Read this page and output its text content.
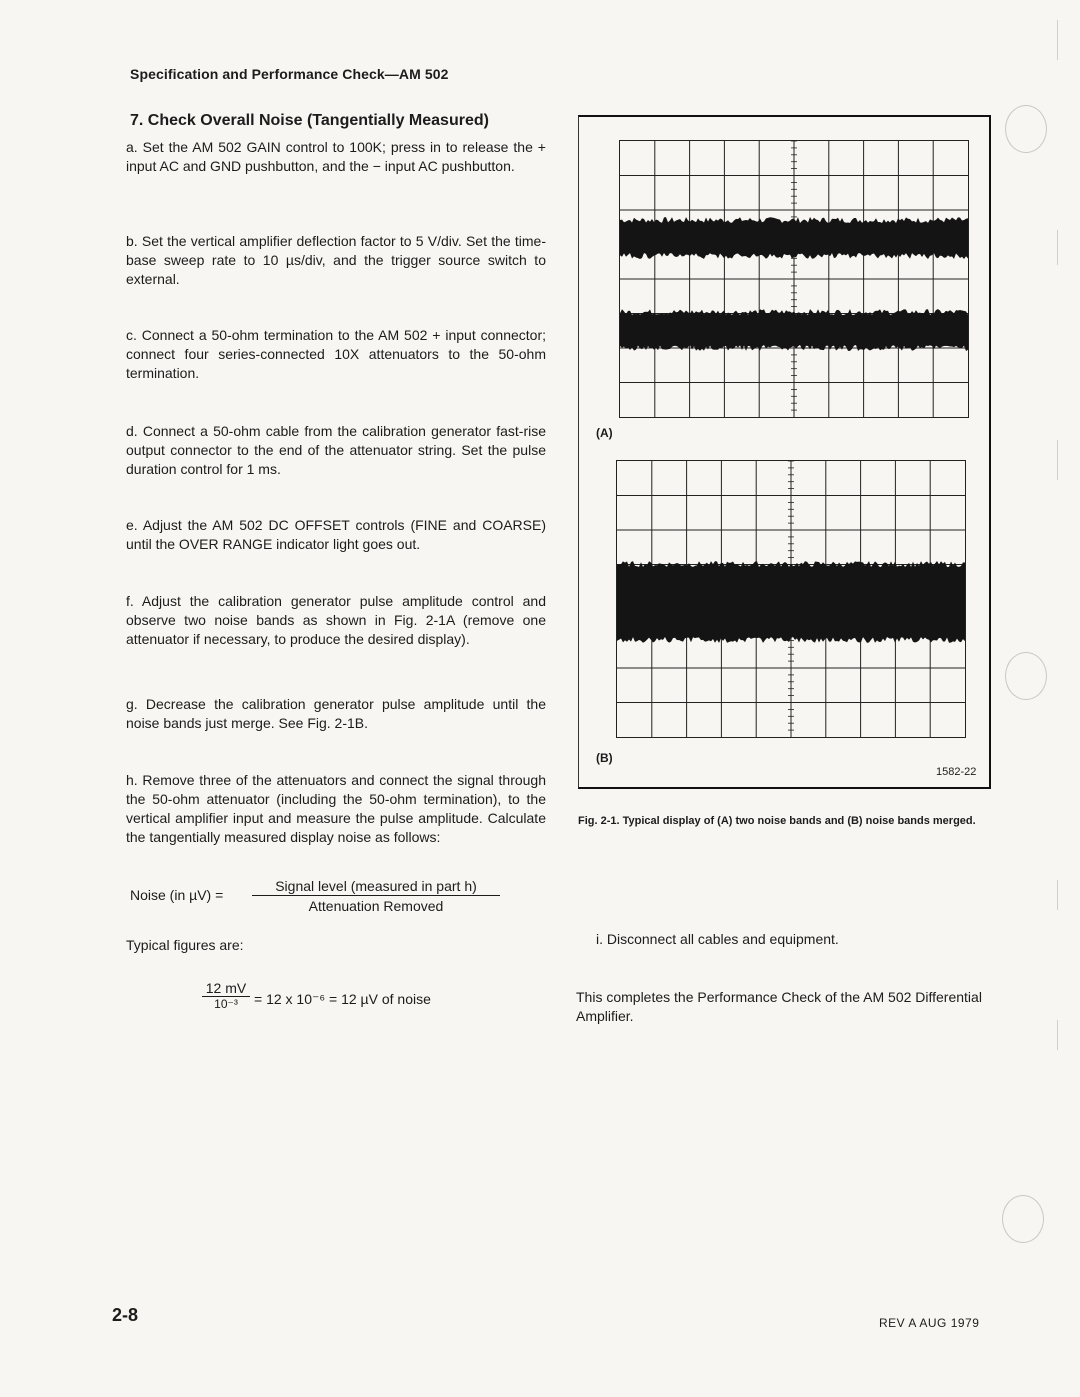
Specification and Performance Check—AM 502
7. Check Overall Noise (Tangentially Measured)
a. Set the AM 502 GAIN control to 100K; press in to release the + input AC and GND pushbutton, and the − input AC pushbutton.
b. Set the vertical amplifier deflection factor to 5 V/div. Set the time-base sweep rate to 10 µs/div, and the trigger source switch to external.
c. Connect a 50-ohm termination to the AM 502 + input connector; connect four series-connected 10X attenuators to the 50-ohm termination.
d. Connect a 50-ohm cable from the calibration generator fast-rise output connector to the end of the attenuator string. Set the pulse duration control for 1 ms.
e. Adjust the AM 502 DC OFFSET controls (FINE and COARSE) until the OVER RANGE indicator light goes out.
f. Adjust the calibration generator pulse amplitude control and observe two noise bands as shown in Fig. 2-1A (remove one attenuator if necessary, to produce the desired display).
g. Decrease the calibration generator pulse amplitude until the noise bands just merge. See Fig. 2-1B.
h. Remove three of the attenuators and connect the signal through the 50-ohm attenuator (including the 50-ohm termination), to the vertical amplifier input and measure the pulse amplitude. Calculate the tangentially measured display noise as follows:
Noise (in µV) =
Signal level (measured in part h)
Attenuation Removed
Typical figures are:
$\frac{12 mV}{\text{10⁻³}} = 12$ x 10⁻⁶ = 12 µV of noise
(A)
(B)
1582-22
Fig. 2-1. Typical display of (A) two noise bands and (B) noise bands merged.
i. Disconnect all cables and equipment.
This completes the Performance Check of the AM 502 Differential Amplifier.
2-8	REV A AUG 1979
